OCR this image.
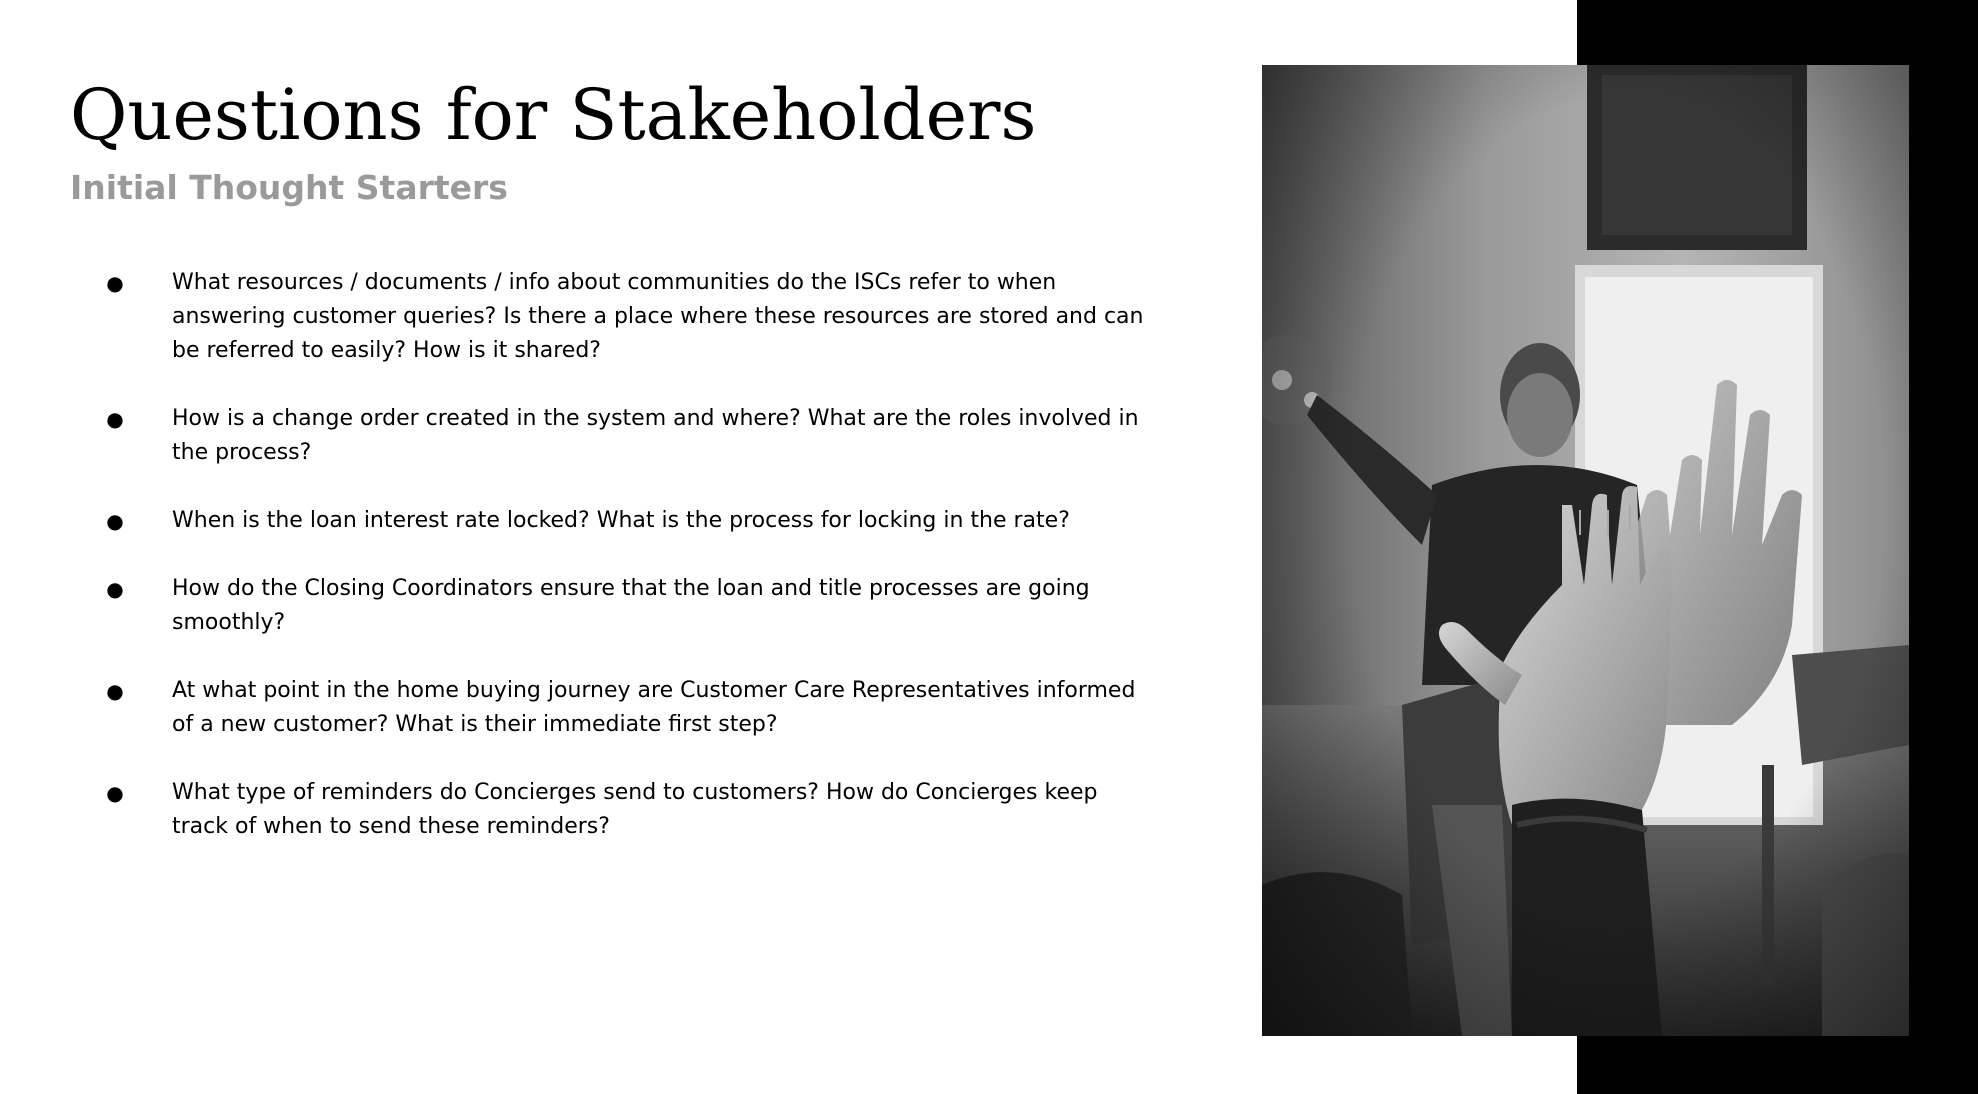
Questions for Stakeholders
Initial Thought Starters
● What resources / documents / info about communities do the ISCs refer to when answering customer queries? Is there a place where these resources are stored and can be referred to easily? How is it shared?
● How is a change order created in the system and where? What are the roles involved in the process?
● When is the loan interest rate locked? What is the process for locking in the rate?
● How do the Closing Coordinators ensure that the loan and title processes are going smoothly?
● At what point in the home buying journey are Customer Care Representatives informed of a new customer? What is their immediate first step?
● What type of reminders do Concierges send to customers? How do Concierges keep track of when to send these reminders?
